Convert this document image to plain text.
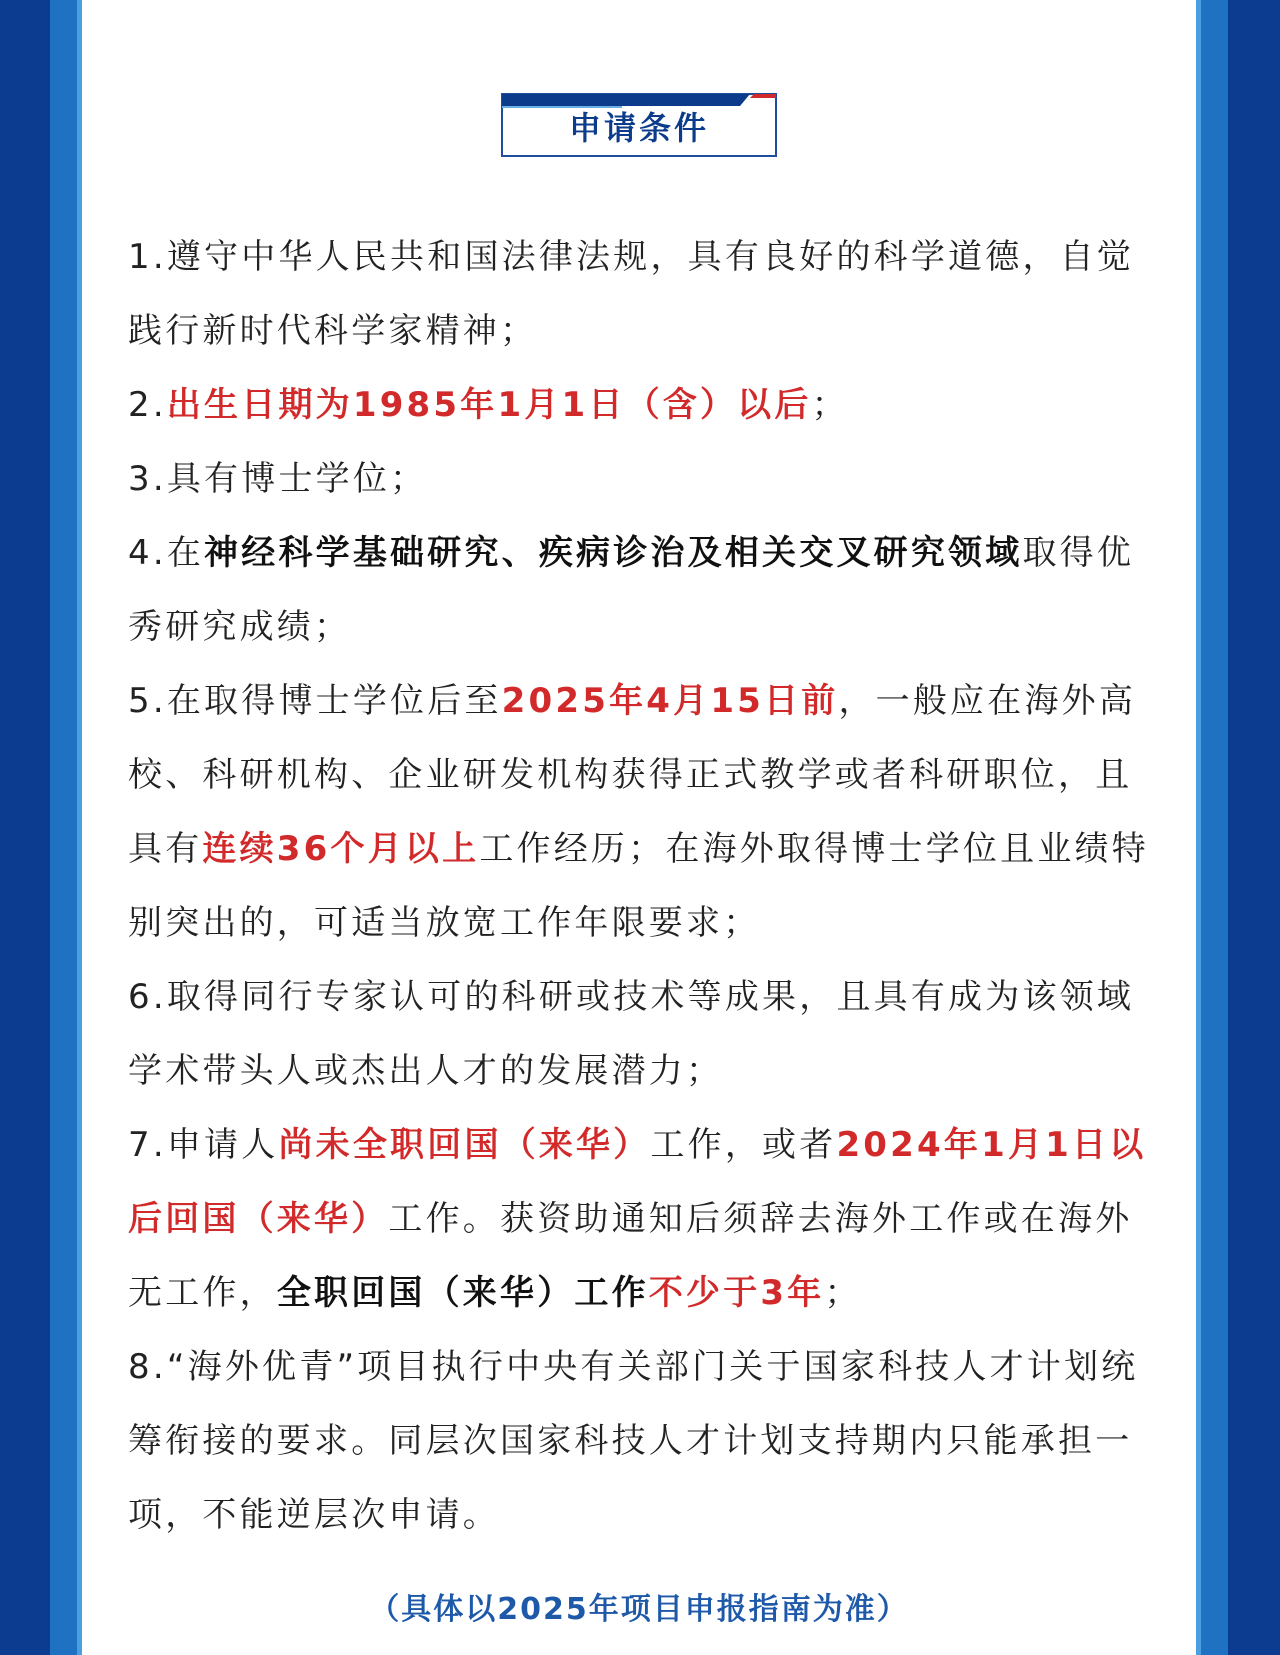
申请条件
1.遵守中华人民共和国法律法规，具有良好的科学道德，自觉践行新时代科学家精神；
2.出生日期为1985年1月1日（含）以后；
3.具有博士学位；
4.在神经科学基础研究、疾病诊治及相关交叉研究领域取得优秀研究成绩；
5.在取得博士学位后至2025年4月15日前，一般应在海外高校、科研机构、企业研发机构获得正式教学或者科研职位，且具有连续36个月以上工作经历；在海外取得博士学位且业绩特别突出的，可适当放宽工作年限要求；
6.取得同行专家认可的科研或技术等成果，且具有成为该领域学术带头人或杰出人才的发展潜力；
7.申请人尚未全职回国（来华）工作，或者2024年1月1日以后回国（来华）工作。获资助通知后须辞去海外工作或在海外无工作，全职回国（来华）工作不少于3年；
8.“海外优青”项目执行中央有关部门关于国家科技人才计划统筹衔接的要求。同层次国家科技人才计划支持期内只能承担一项，不能逆层次申请。
（具体以2025年项目申报指南为准）
